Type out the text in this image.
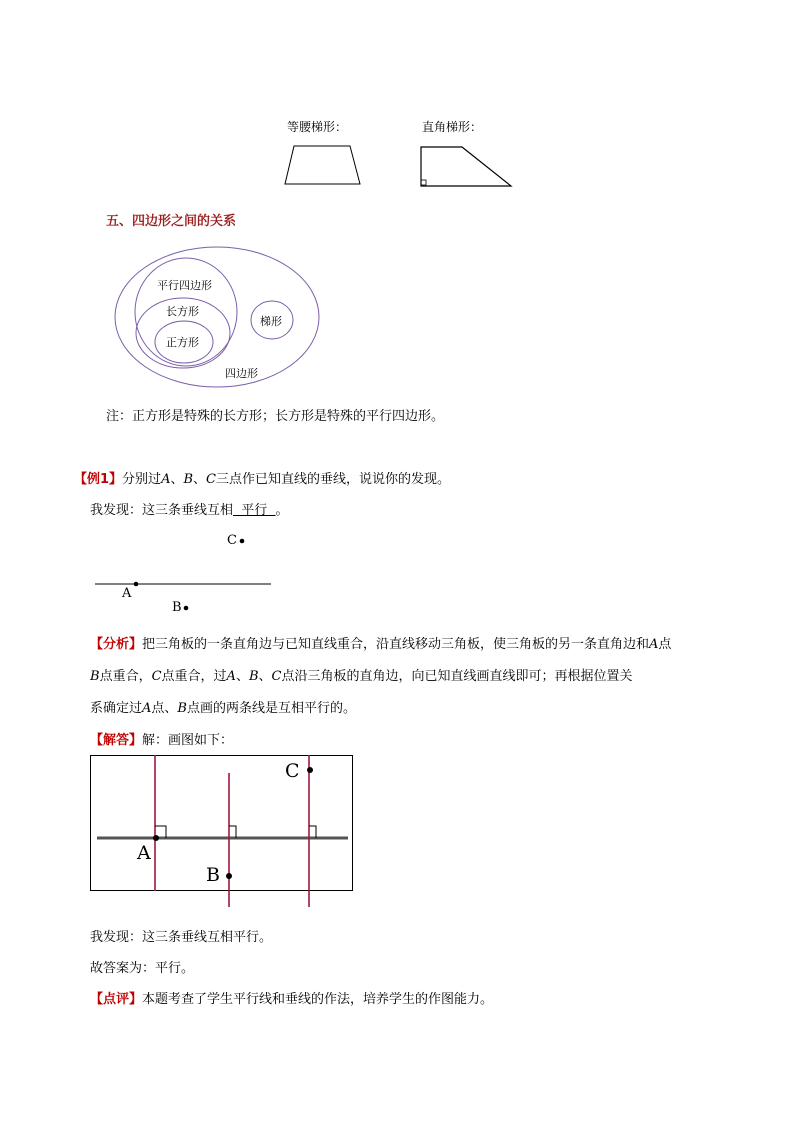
等腰梯形：	直角梯形：
五、四边形之间的关系
平行四边形
长方形
正方形
梯形
四边形
注：正方形是特殊的长方形；长方形是特殊的平行四边形。
【例1】分别过A、B、C三点作已知直线的垂线，说说你的发现。
我发现：这三条垂线互相  平行  。
A
B
C
【分析】把三角板的一条直角边与已知直线重合，沿直线移动三角板，使三角板的另一条直角边和A点
B点重合，C点重合，过A、B、C点沿三角板的直角边，向已知直线画直线即可；再根据位置关
系确定过A点、B点画的两条线是互相平行的。
【解答】解：画图如下：
A
B
C
我发现：这三条垂线互相平行。
故答案为：平行。
【点评】本题考查了学生平行线和垂线的作法，培养学生的作图能力。
